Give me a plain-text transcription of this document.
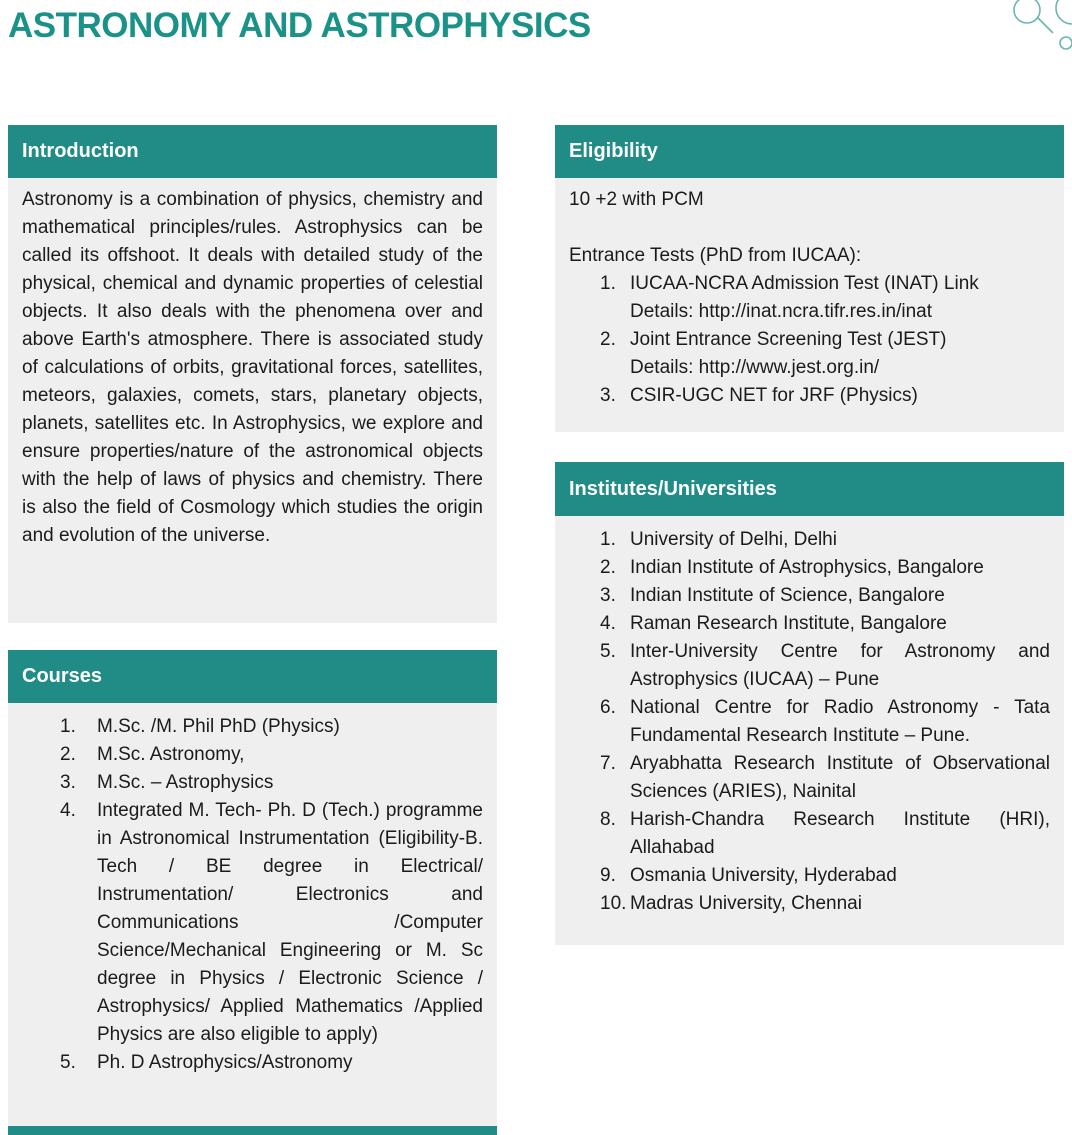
ASTRONOMY AND ASTROPHYSICS
Introduction

Astronomy is a combination of physics, chemistry and mathematical principles/rules. Astrophysics can be called its offshoot. It deals with detailed study of the physical, chemical and dynamic properties of celestial objects. It also deals with the phenomena over and above Earth's atmosphere. There is associated study of calculations of orbits, gravitational forces, satellites, meteors, galaxies, comets, stars, planetary objects, planets, satellites etc. In Astrophysics, we explore and ensure properties/nature of the astronomical objects with the help of laws of physics and chemistry. There is also the field of Cosmology which studies the origin and evolution of the universe.

Courses
M.Sc. /M. Phil PhD (Physics)
M.Sc. Astronomy,
M.Sc. – Astrophysics
Integrated M. Tech- Ph. D (Tech.) programme in Astronomical Instrumentation (Eligibility-B. Tech / BE degree in Electrical/ Instrumentation/ Electronics and Communications /Computer Science/Mechanical Engineering or M. Sc degree in Physics / Electronic Science / Astrophysics/ Applied Mathematics /Applied Physics are also eligible to apply)
Ph. D Astrophysics/Astronomy
Eligibility

10 +2 with PCM

Entrance Tests (PhD from IUCAA):

IUCAA-NCRA Admission Test (INAT) Link
Details: http://inat.ncra.tifr.res.in/inat
Joint Entrance Screening Test (JEST)
Details: http://www.jest.org.in/
CSIR-UGC NET for JRF (Physics)
Institutes/Universities
University of Delhi, Delhi
Indian Institute of Astrophysics, Bangalore
Indian Institute of Science, Bangalore
Raman Research Institute, Bangalore
Inter-University Centre for Astronomy and Astrophysics (IUCAA) – Pune
National Centre for Radio Astronomy - Tata Fundamental Research Institute – Pune.
Aryabhatta Research Institute of Observational Sciences (ARIES), Nainital
Harish-Chandra Research Institute (HRI), Allahabad
Osmania University, Hyderabad
Madras University, Chennai
